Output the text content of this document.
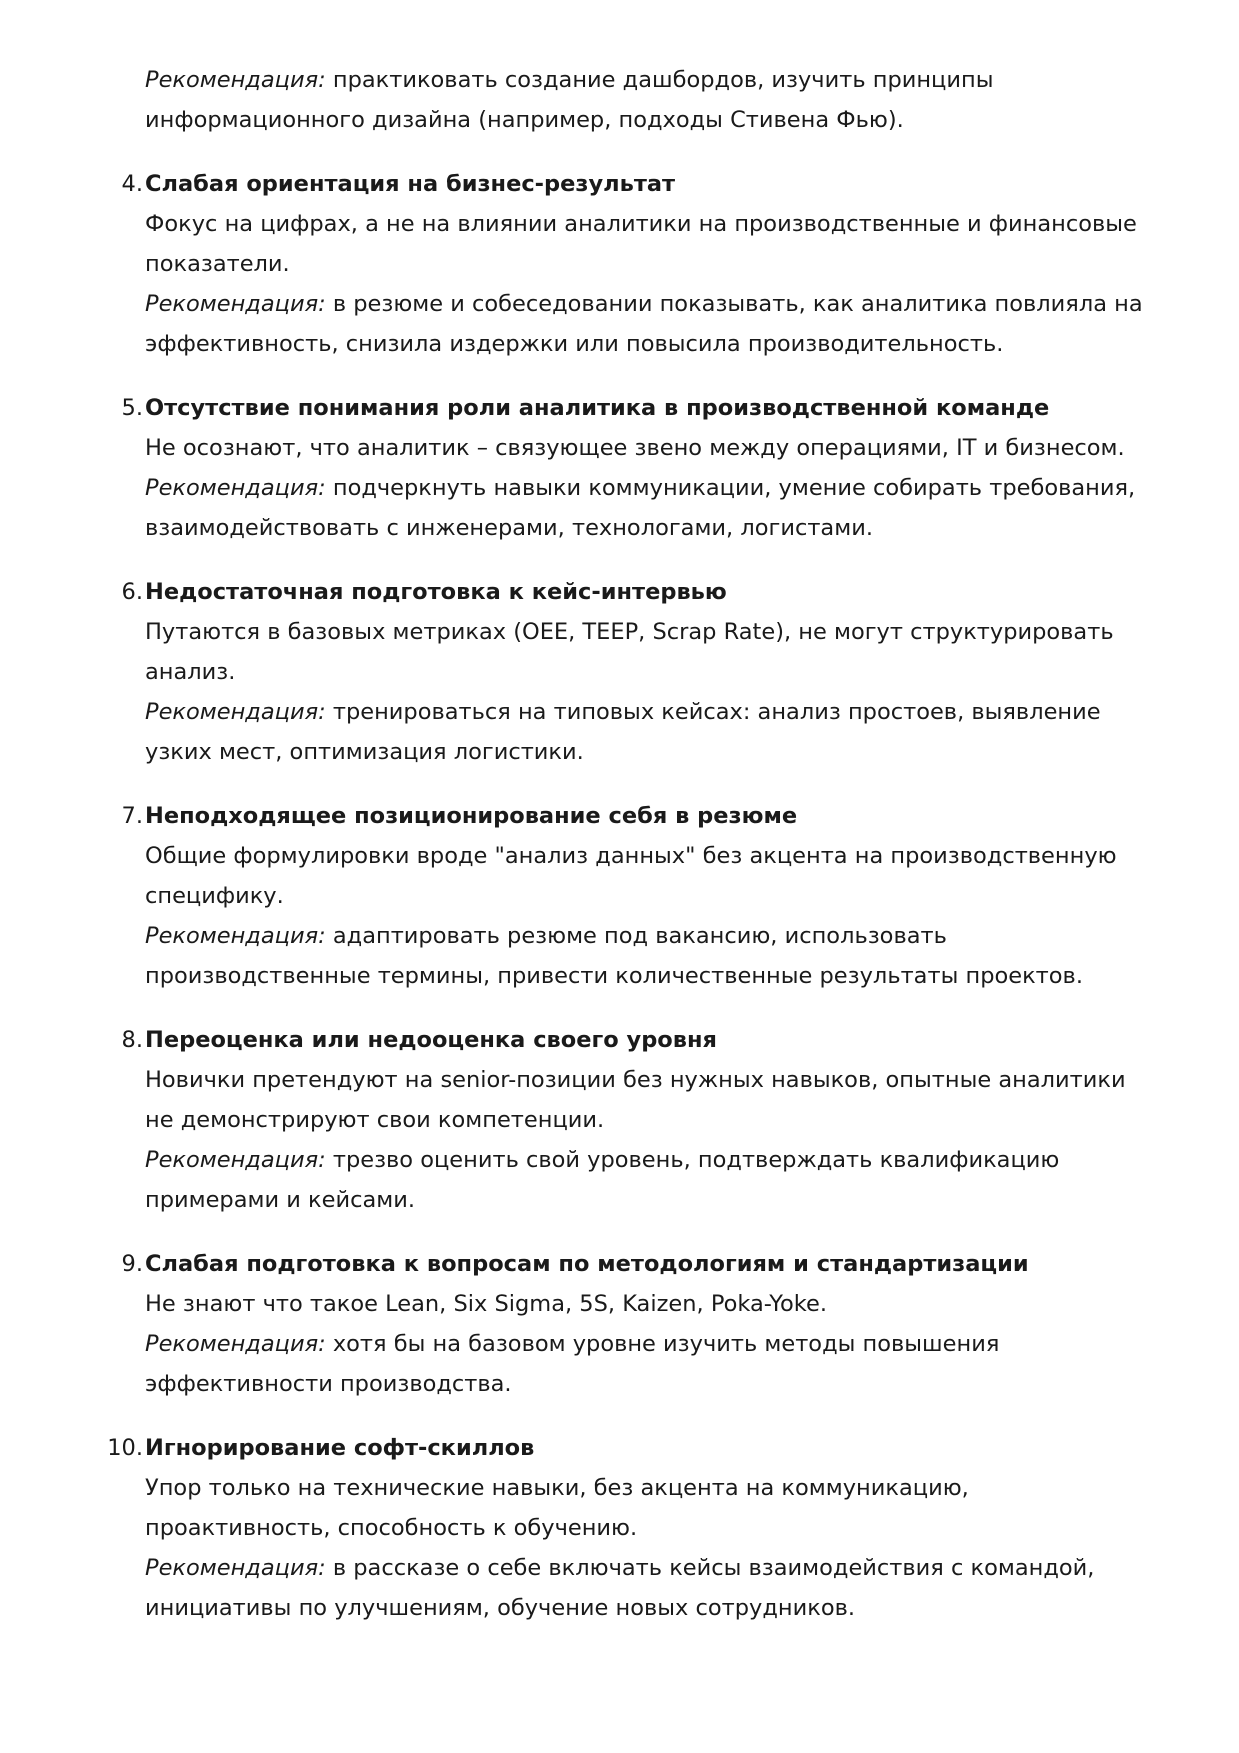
Рекомендация: практиковать создание дашбордов, изучить принципы информационного дизайна (например, подходы Стивена Фью).

4. Слабая ориентация на бизнес-результат
Фокус на цифрах, а не на влиянии аналитики на производственные и финансовые показатели.
Рекомендация: в резюме и собеседовании показывать, как аналитика повлияла на эффективность, снизила издержки или повысила производительность.
5. Отсутствие понимания роли аналитика в производственной команде
Не осознают, что аналитик – связующее звено между операциями, IT и бизнесом.
Рекомендация: подчеркнуть навыки коммуникации, умение собирать требования, взаимодействовать с инженерами, технологами, логистами.
6. Недостаточная подготовка к кейс-интервью
Путаются в базовых метриках (OEE, TEEP, Scrap Rate), не могут структурировать анализ.
Рекомендация: тренироваться на типовых кейсах: анализ простоев, выявление узких мест, оптимизация логистики.
7. Неподходящее позиционирование себя в резюме
Общие формулировки вроде "анализ данных" без акцента на производственную специфику.
Рекомендация: адаптировать резюме под вакансию, использовать производственные термины, привести количественные результаты проектов.
8. Переоценка или недооценка своего уровня
Новички претендуют на senior-позиции без нужных навыков, опытные аналитики не демонстрируют свои компетенции.
Рекомендация: трезво оценить свой уровень, подтверждать квалификацию примерами и кейсами.
9. Слабая подготовка к вопросам по методологиям и стандартизации
Не знают что такое Lean, Six Sigma, 5S, Kaizen, Poka-Yoke.
Рекомендация: хотя бы на базовом уровне изучить методы повышения эффективности производства.
10. Игнорирование софт-скиллов
Упор только на технические навыки, без акцента на коммуникацию, проактивность, способность к обучению.
Рекомендация: в рассказе о себе включать кейсы взаимодействия с командой, инициативы по улучшениям, обучение новых сотрудников.
